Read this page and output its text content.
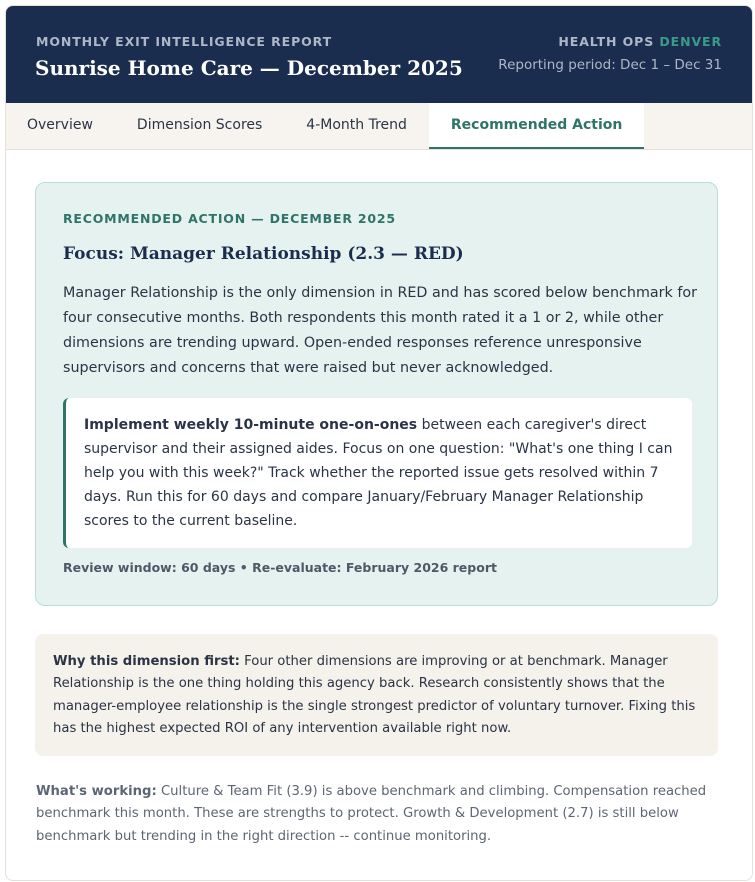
MONTHLY EXIT INTELLIGENCE REPORT
Sunrise Home Care — December 2025
HEALTH OPS DENVER
Reporting period: Dec 1 – Dec 31
Overview	Dimension Scores	4-Month Trend	Recommended Action
RECOMMENDED ACTION — DECEMBER 2025
Focus: Manager Relationship (2.3 — RED)
Manager Relationship is the only dimension in RED and has scored below benchmark for four consecutive months. Both respondents this month rated it a 1 or 2, while other dimensions are trending upward. Open-ended responses reference unresponsive supervisors and concerns that were raised but never acknowledged.
Implement weekly 10-minute one-on-ones between each caregiver's direct supervisor and their assigned aides. Focus on one question: "What's one thing I can help you with this week?" Track whether the reported issue gets resolved within 7 days. Run this for 60 days and compare January/February Manager Relationship scores to the current baseline.
Review window: 60 days • Re-evaluate: February 2026 report
Why this dimension first: Four other dimensions are improving or at benchmark. Manager Relationship is the one thing holding this agency back. Research consistently shows that the manager-employee relationship is the single strongest predictor of voluntary turnover. Fixing this has the highest expected ROI of any intervention available right now.
What's working: Culture & Team Fit (3.9) is above benchmark and climbing. Compensation reached benchmark this month. These are strengths to protect. Growth & Development (2.7) is still below benchmark but trending in the right direction -- continue monitoring.
